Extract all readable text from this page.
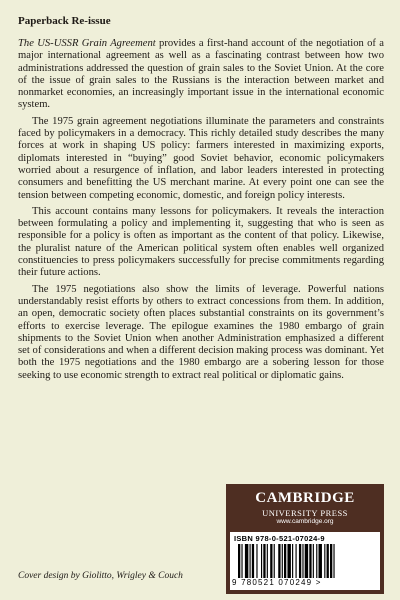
Paperback Re-issue

The US-USSR Grain Agreement provides a first-hand account of the negotiation of a major international agreement as well as a fascinating contrast between how two administrations addressed the question of grain sales to the Soviet Union. At the core of the issue of grain sales to the Russians is the interaction between market and nonmarket economies, an increasingly important issue in the international economic system.

The 1975 grain agreement negotiations illuminate the parameters and constraints faced by policymakers in a democracy. This richly detailed study describes the many forces at work in shaping US policy: farmers interested in maximizing exports, diplomats interested in “buying” good Soviet behavior, economic policymakers worried about a resurgence of inflation, and labor leaders interested in protecting consumers and benefitting the US merchant marine. At every point one can see the tension between competing economic, domestic, and foreign policy interests.

This account contains many lessons for policymakers. It reveals the interaction between formulating a policy and implementing it, suggesting that who is seen as responsible for a policy is often as important as the content of that policy. Likewise, the pluralist nature of the American political system often enables well organized constituencies to press policymakers successfully for precise commitments regarding their future actions.

The 1975 negotiations also show the limits of leverage. Powerful nations understandably resist efforts by others to extract concessions from them. In addition, an open, democratic society often places substantial constraints on its government’s efforts to exercise leverage. The epilogue examines the 1980 embargo of grain shipments to the Soviet Union when another Administration emphasized a different set of considerations and when a different decision making process was dominant. Yet both the 1975 negotiations and the 1980 embargo are a sobering lesson for those seeking to use economic strength to extract real political or diplomatic gains.

CAMBRIDGE
UNIVERSITY PRESS
www.cambridge.org
ISBN 978-0-521-07024-9
9 780521 070249 >

Cover design by Giolitto, Wrigley & Couch
